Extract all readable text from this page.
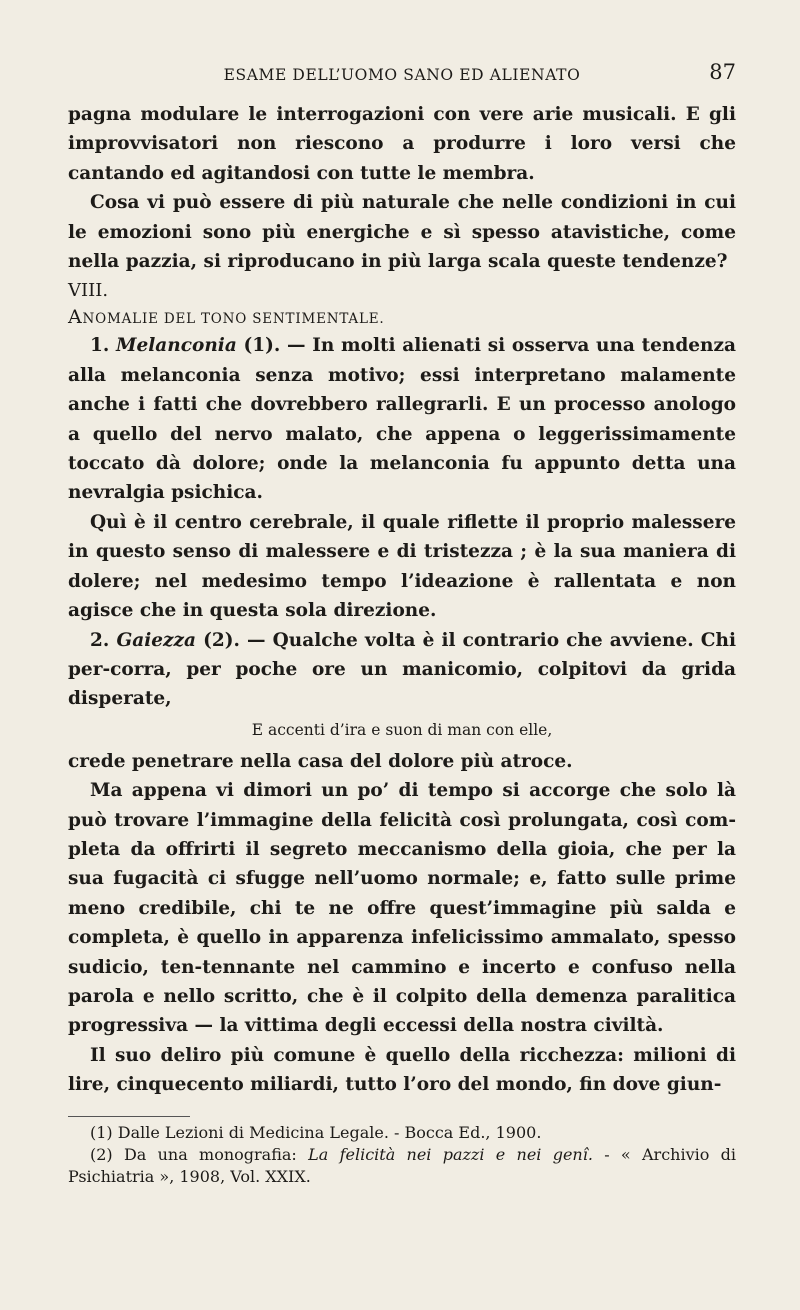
ESAME DELL’UOMO SANO ED ALIENATO	87

pagna modulare le interrogazioni con vere arie musicali. E gli improvvisatori non riescono a produrre i loro versi che cantando ed agitandosi con tutte le membra.

Cosa vi può essere di più naturale che nelle condizioni in cui le emozioni sono più energiche e sì spesso atavistiche, come nella pazzia, si riproducano in più larga scala queste tendenze?

VIII.

ANOMALIE DEL TONO SENTIMENTALE.

1. Melanconia (1). — In molti alienati si osserva una tendenza alla melanconia senza motivo; essi interpretano malamente anche i fatti che dovrebbero rallegrarli. E un processo anologo a quello del nervo malato, che appena o leggerissimamente toccato dà dolore; onde la melanconia fu appunto detta una nevralgia psichica.

Quì è il centro cerebrale, il quale riflette il proprio malessere in questo senso di malessere e di tristezza ; è la sua maniera di dolere; nel medesimo tempo l’ideazione è rallentata e non agisce che in questa sola direzione.

2. Gaiezza (2). — Qualche volta è il contrario che avviene. Chi per-corra, per poche ore un manicomio, colpitovi da grida disperate,

E accenti d’ira e suon di man con elle,

crede penetrare nella casa del dolore più atroce.

Ma appena vi dimori un po’ di tempo si accorge che solo là può trovare l’immagine della felicità così prolungata, così com-pleta da offrirti il segreto meccanismo della gioia, che per la sua fugacità ci sfugge nell’uomo normale; e, fatto sulle prime meno credibile, chi te ne offre quest’immagine più salda e completa, è quello in apparenza infelicissimo ammalato, spesso sudicio, ten-tennante nel cammino e incerto e confuso nella parola e nello scritto, che è il colpito della demenza paralitica progressiva — la vittima degli eccessi della nostra civiltà.

Il suo deliro più comune è quello della ricchezza: milioni di lire, cinquecento miliardi, tutto l’oro del mondo, fin dove giun-

(1) Dalle Lezioni di Medicina Legale. - Bocca Ed., 1900.

(2) Da una monografia: La felicità nei pazzi e nei genî. - « Archivio di Psichiatria », 1908, Vol. XXIX.
